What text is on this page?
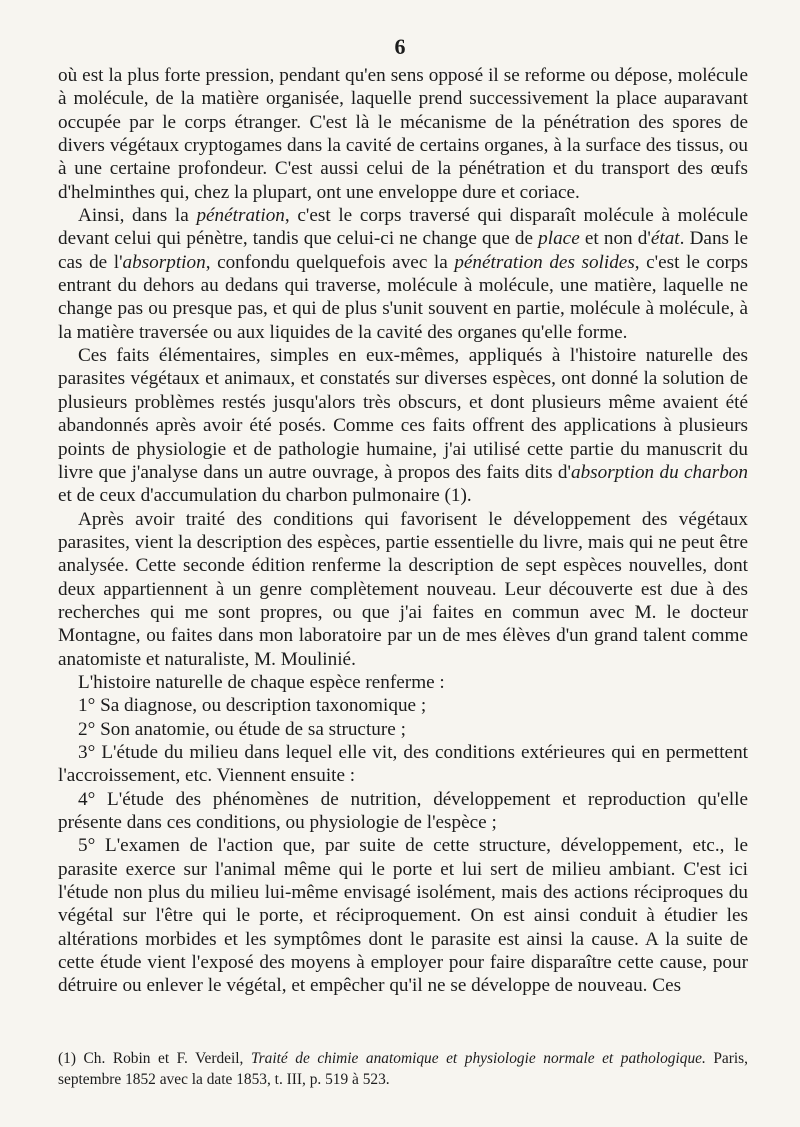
6

où est la plus forte pression, pendant qu'en sens opposé il se reforme ou dépose, molécule à molécule, de la matière organisée, laquelle prend successivement la place auparavant occupée par le corps étranger. C'est là le mécanisme de la pénétration des spores de divers végétaux cryptogames dans la cavité de certains organes, à la surface des tissus, ou à une certaine profondeur. C'est aussi celui de la pénétration et du transport des œufs d'helminthes qui, chez la plupart, ont une enveloppe dure et coriace.

Ainsi, dans la pénétration, c'est le corps traversé qui disparaît molécule à molécule devant celui qui pénètre, tandis que celui-ci ne change que de place et non d'état. Dans le cas de l'absorption, confondu quelquefois avec la pénétration des solides, c'est le corps entrant du dehors au dedans qui traverse, molécule à molécule, une matière, laquelle ne change pas ou presque pas, et qui de plus s'unit souvent en partie, molécule à molécule, à la matière traversée ou aux liquides de la cavité des organes qu'elle forme.

Ces faits élémentaires, simples en eux-mêmes, appliqués à l'histoire naturelle des parasites végétaux et animaux, et constatés sur diverses espèces, ont donné la solution de plusieurs problèmes restés jusqu'alors très obscurs, et dont plusieurs même avaient été abandonnés après avoir été posés. Comme ces faits offrent des applications à plusieurs points de physiologie et de pathologie humaine, j'ai utilisé cette partie du manuscrit du livre que j'analyse dans un autre ouvrage, à propos des faits dits d'absorption du charbon et de ceux d'accumulation du charbon pulmonaire (1).

Après avoir traité des conditions qui favorisent le développement des végétaux parasites, vient la description des espèces, partie essentielle du livre, mais qui ne peut être analysée. Cette seconde édition renferme la description de sept espèces nouvelles, dont deux appartiennent à un genre complètement nouveau. Leur découverte est due à des recherches qui me sont propres, ou que j'ai faites en commun avec M. le docteur Montagne, ou faites dans mon laboratoire par un de mes élèves d'un grand talent comme anatomiste et naturaliste, M. Moulinié.

L'histoire naturelle de chaque espèce renferme :

1° Sa diagnose, ou description taxonomique ;

2° Son anatomie, ou étude de sa structure ;

3° L'étude du milieu dans lequel elle vit, des conditions extérieures qui en permettent l'accroissement, etc. Viennent ensuite :

4° L'étude des phénomènes de nutrition, développement et reproduction qu'elle présente dans ces conditions, ou physiologie de l'espèce ;

5° L'examen de l'action que, par suite de cette structure, développement, etc., le parasite exerce sur l'animal même qui le porte et lui sert de milieu ambiant. C'est ici l'étude non plus du milieu lui-même envisagé isolément, mais des actions réciproques du végétal sur l'être qui le porte, et réciproquement. On est ainsi conduit à étudier les altérations morbides et les symptômes dont le parasite est ainsi la cause. A la suite de cette étude vient l'exposé des moyens à employer pour faire disparaître cette cause, pour détruire ou enlever le végétal, et empêcher qu'il ne se développe de nouveau. Ces

(1) Ch. Robin et F. Verdeil, Traité de chimie anatomique et physiologie normale et pathologique. Paris, septembre 1852 avec la date 1853, t. III, p. 519 à 523.
